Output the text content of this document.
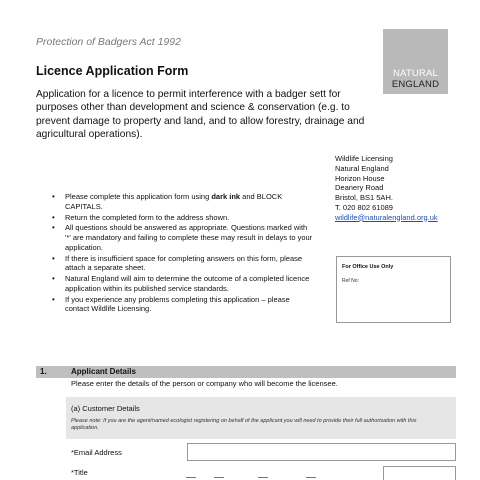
Protection of Badgers Act 1992
Licence Application Form	NATURAL
ENGLAND

Application for a licence to permit interference with a badger sett for purposes other than development and science & conservation (e.g. to prevent damage to property and land, and to allow forestry, drainage and agricultural operations).

Wildlife Licensing
Natural England
Horizon House
Deanery Road
Bristol, BS1 5AH.
T. 020 802 61089
wildlife@naturalengland.org.uk
• Please complete this application form using dark ink and BLOCK CAPITALS.
• Return the completed form to the address shown.
• All questions should be answered as appropriate. Questions marked with '*' are mandatory and failing to complete these may result in delays to your application.
• If there is insufficient space for completing answers on this form, please attach a separate sheet.
• Natural England will aim to determine the outcome of a completed licence application within its published service standards.
• If you experience any problems completing this application – please contact Wildlife Licensing.
For Office Use Only
Ref No:
1.	Applicant Details
Please enter the details of the person or company who will become the licensee.
(a) Customer Details
Please note: If you are the agent/named ecologist registering on behalf of the applicant you will need to provide their full authorisation with this application.
*Email Address
*Title
